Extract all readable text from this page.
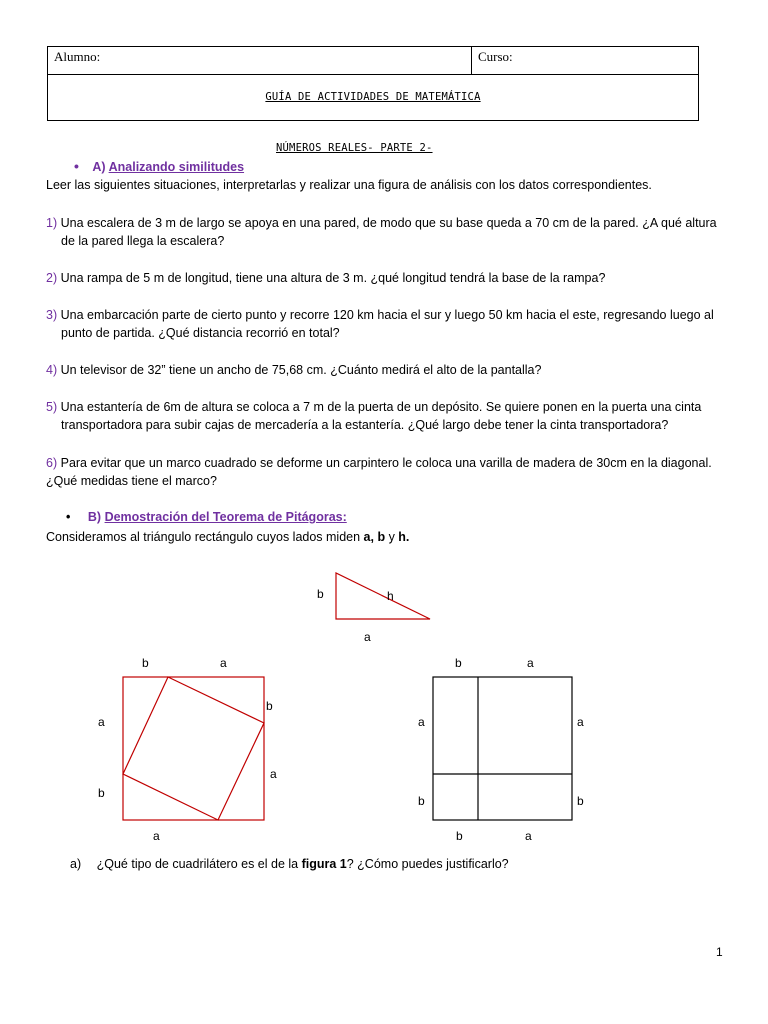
Alumno:	Curso:

GUÍA DE ACTIVIDADES DE MATEMÁTICA
NÚMEROS REALES- PARTE 2-
• A) Analizando similitudes
Leer las siguientes situaciones, interpretarlas y realizar una figura de análisis con los datos correspondientes.
1) Una escalera de 3 m de largo se apoya en una pared, de modo que su base queda a 70 cm de la pared. ¿A qué altura
de la pared llega la escalera?
2) Una rampa de 5 m de longitud, tiene una altura de 3 m. ¿qué longitud tendrá la base de la rampa?
3) Una embarcación parte de cierto punto y recorre 120 km hacia el sur y luego 50 km hacia el este, regresando luego al
punto de partida. ¿Qué distancia recorrió en total?
4) Un televisor de 32” tiene un ancho de 75,68 cm. ¿Cuánto medirá el alto de la pantalla?
5) Una estantería de 6m de altura se coloca a 7 m de la puerta de un depósito. Se quiere ponen en la puerta una cinta
transportadora para subir cajas de mercadería a la estantería. ¿Qué largo debe tener la cinta transportadora?
6) Para evitar que un marco cuadrado se deforme un carpintero le coloca una varilla de madera de 30cm en la diagonal.
¿Qué medidas tiene el marco?
• B) Demostración del Teorema de Pitágoras:
Consideramos al triángulo rectángulo cuyos lados miden a, b y h.
b	h
a
b	a
a
b
b
a
a
b	a
a
b
a
b
b	a
a) ¿Qué tipo de cuadrilátero es el de la figura 1? ¿Cómo puedes justificarlo?
1
